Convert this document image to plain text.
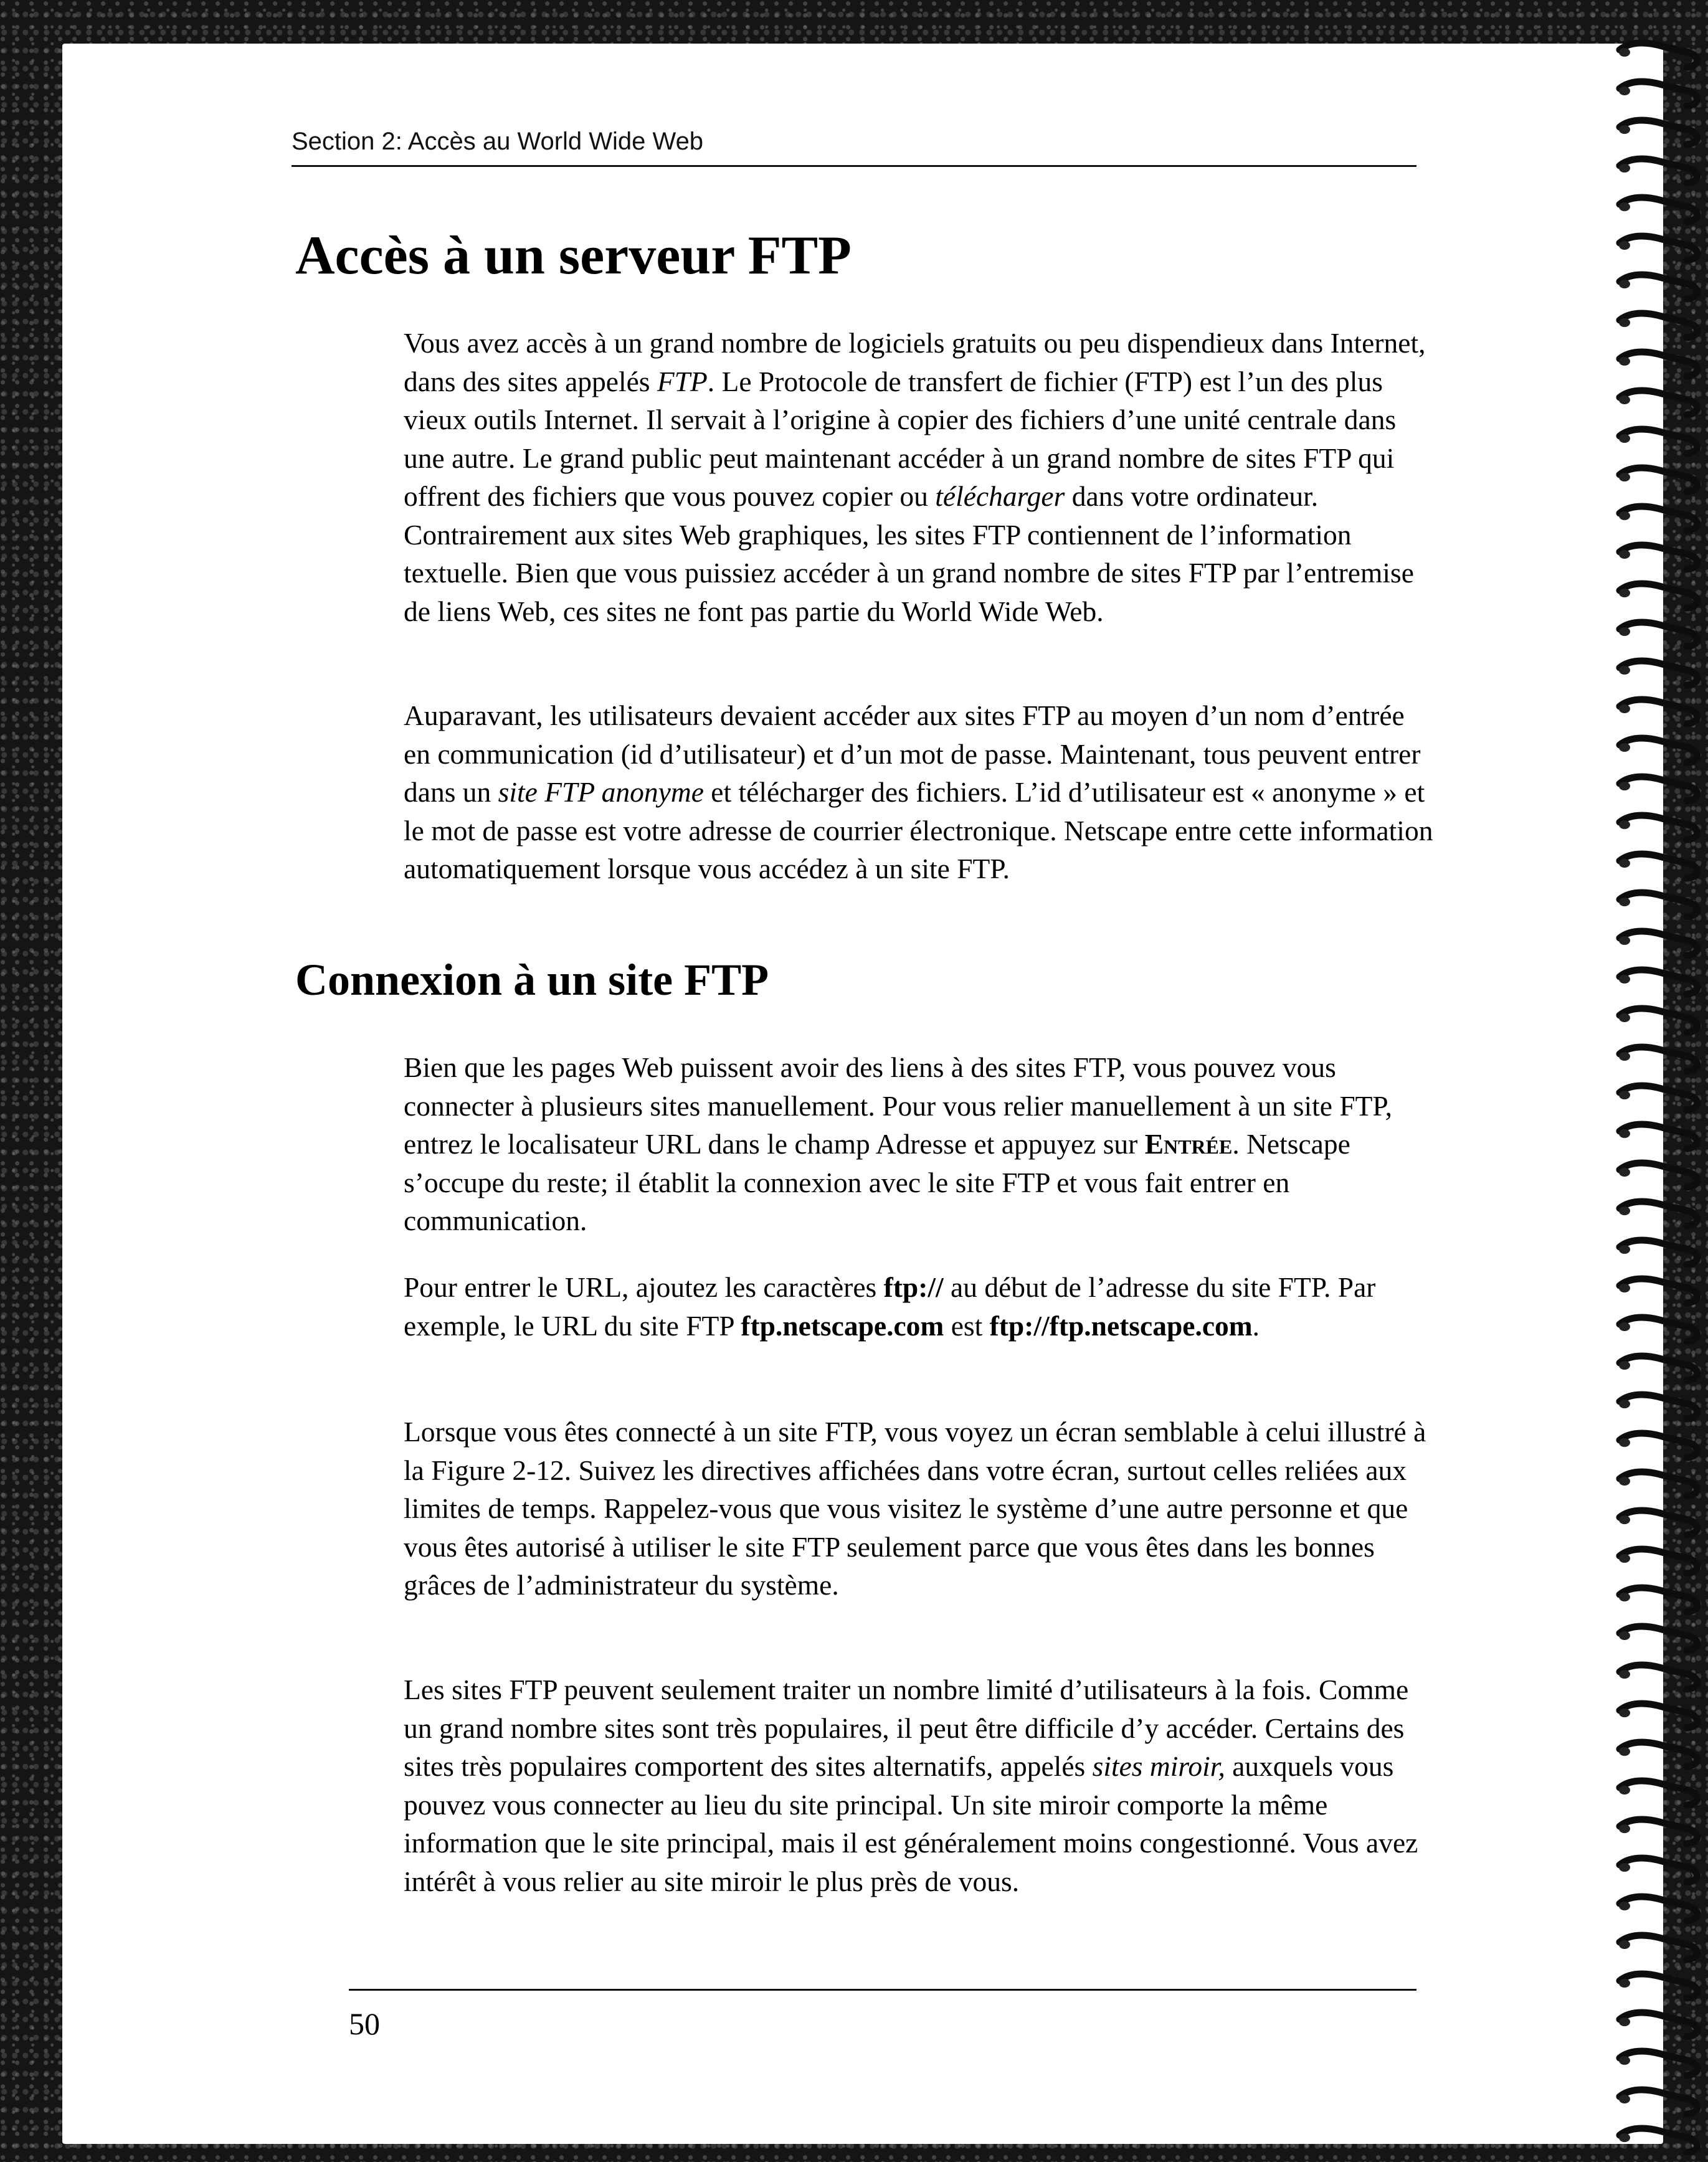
Section 2: Accès au World Wide Web
Accès à un serveur FTP

Vous avez accès à un grand nombre de logiciels gratuits ou peu dispendieux dans Internet, dans des sites appelés FTP. Le Protocole de transfert de fichier (FTP) est l’un des plus vieux outils Internet. Il servait à l’origine à copier des fichiers d’une unité centrale dans une autre. Le grand public peut maintenant accéder à un grand nombre de sites FTP qui offrent des fichiers que vous pouvez copier ou télécharger dans votre ordinateur. Contrairement aux sites Web graphiques, les sites FTP contiennent de l’information textuelle. Bien que vous puissiez accéder à un grand nombre de sites FTP par l’entremise de liens Web, ces sites ne font pas partie du World Wide Web.

Auparavant, les utilisateurs devaient accéder aux sites FTP au moyen d’un nom d’entrée en communication (id d’utilisateur) et d’un mot de passe. Maintenant, tous peuvent entrer dans un site FTP anonyme et télécharger des fichiers. L’id d’utilisateur est « anonyme » et le mot de passe est votre adresse de courrier électronique. Netscape entre cette information automatiquement lorsque vous accédez à un site FTP.

Connexion à un site FTP

Bien que les pages Web puissent avoir des liens à des sites FTP, vous pouvez vous connecter à plusieurs sites manuellement. Pour vous relier manuellement à un site FTP, entrez le localisateur URL dans le champ Adresse et appuyez sur Entrée. Netscape s’occupe du reste; il établit la connexion avec le site FTP et vous fait entrer en communication.

Pour entrer le URL, ajoutez les caractères ftp:// au début de l’adresse du site FTP. Par exemple, le URL du site FTP ftp.netscape.com est ftp://ftp.netscape.com.

Lorsque vous êtes connecté à un site FTP, vous voyez un écran semblable à celui illustré à la Figure 2-12. Suivez les directives affichées dans votre écran, surtout celles reliées aux limites de temps. Rappelez-vous que vous visitez le système d’une autre personne et que vous êtes autorisé à utiliser le site FTP seulement parce que vous êtes dans les bonnes grâces de l’administrateur du système.

Les sites FTP peuvent seulement traiter un nombre limité d’utilisateurs à la fois. Comme un grand nombre sites sont très populaires, il peut être difficile d’y accéder. Certains des sites très populaires comportent des sites alternatifs, appelés sites miroir, auxquels vous pouvez vous connecter au lieu du site principal. Un site miroir comporte la même information que le site principal, mais il est généralement moins congestionné. Vous avez intérêt à vous relier au site miroir le plus près de vous.

50
